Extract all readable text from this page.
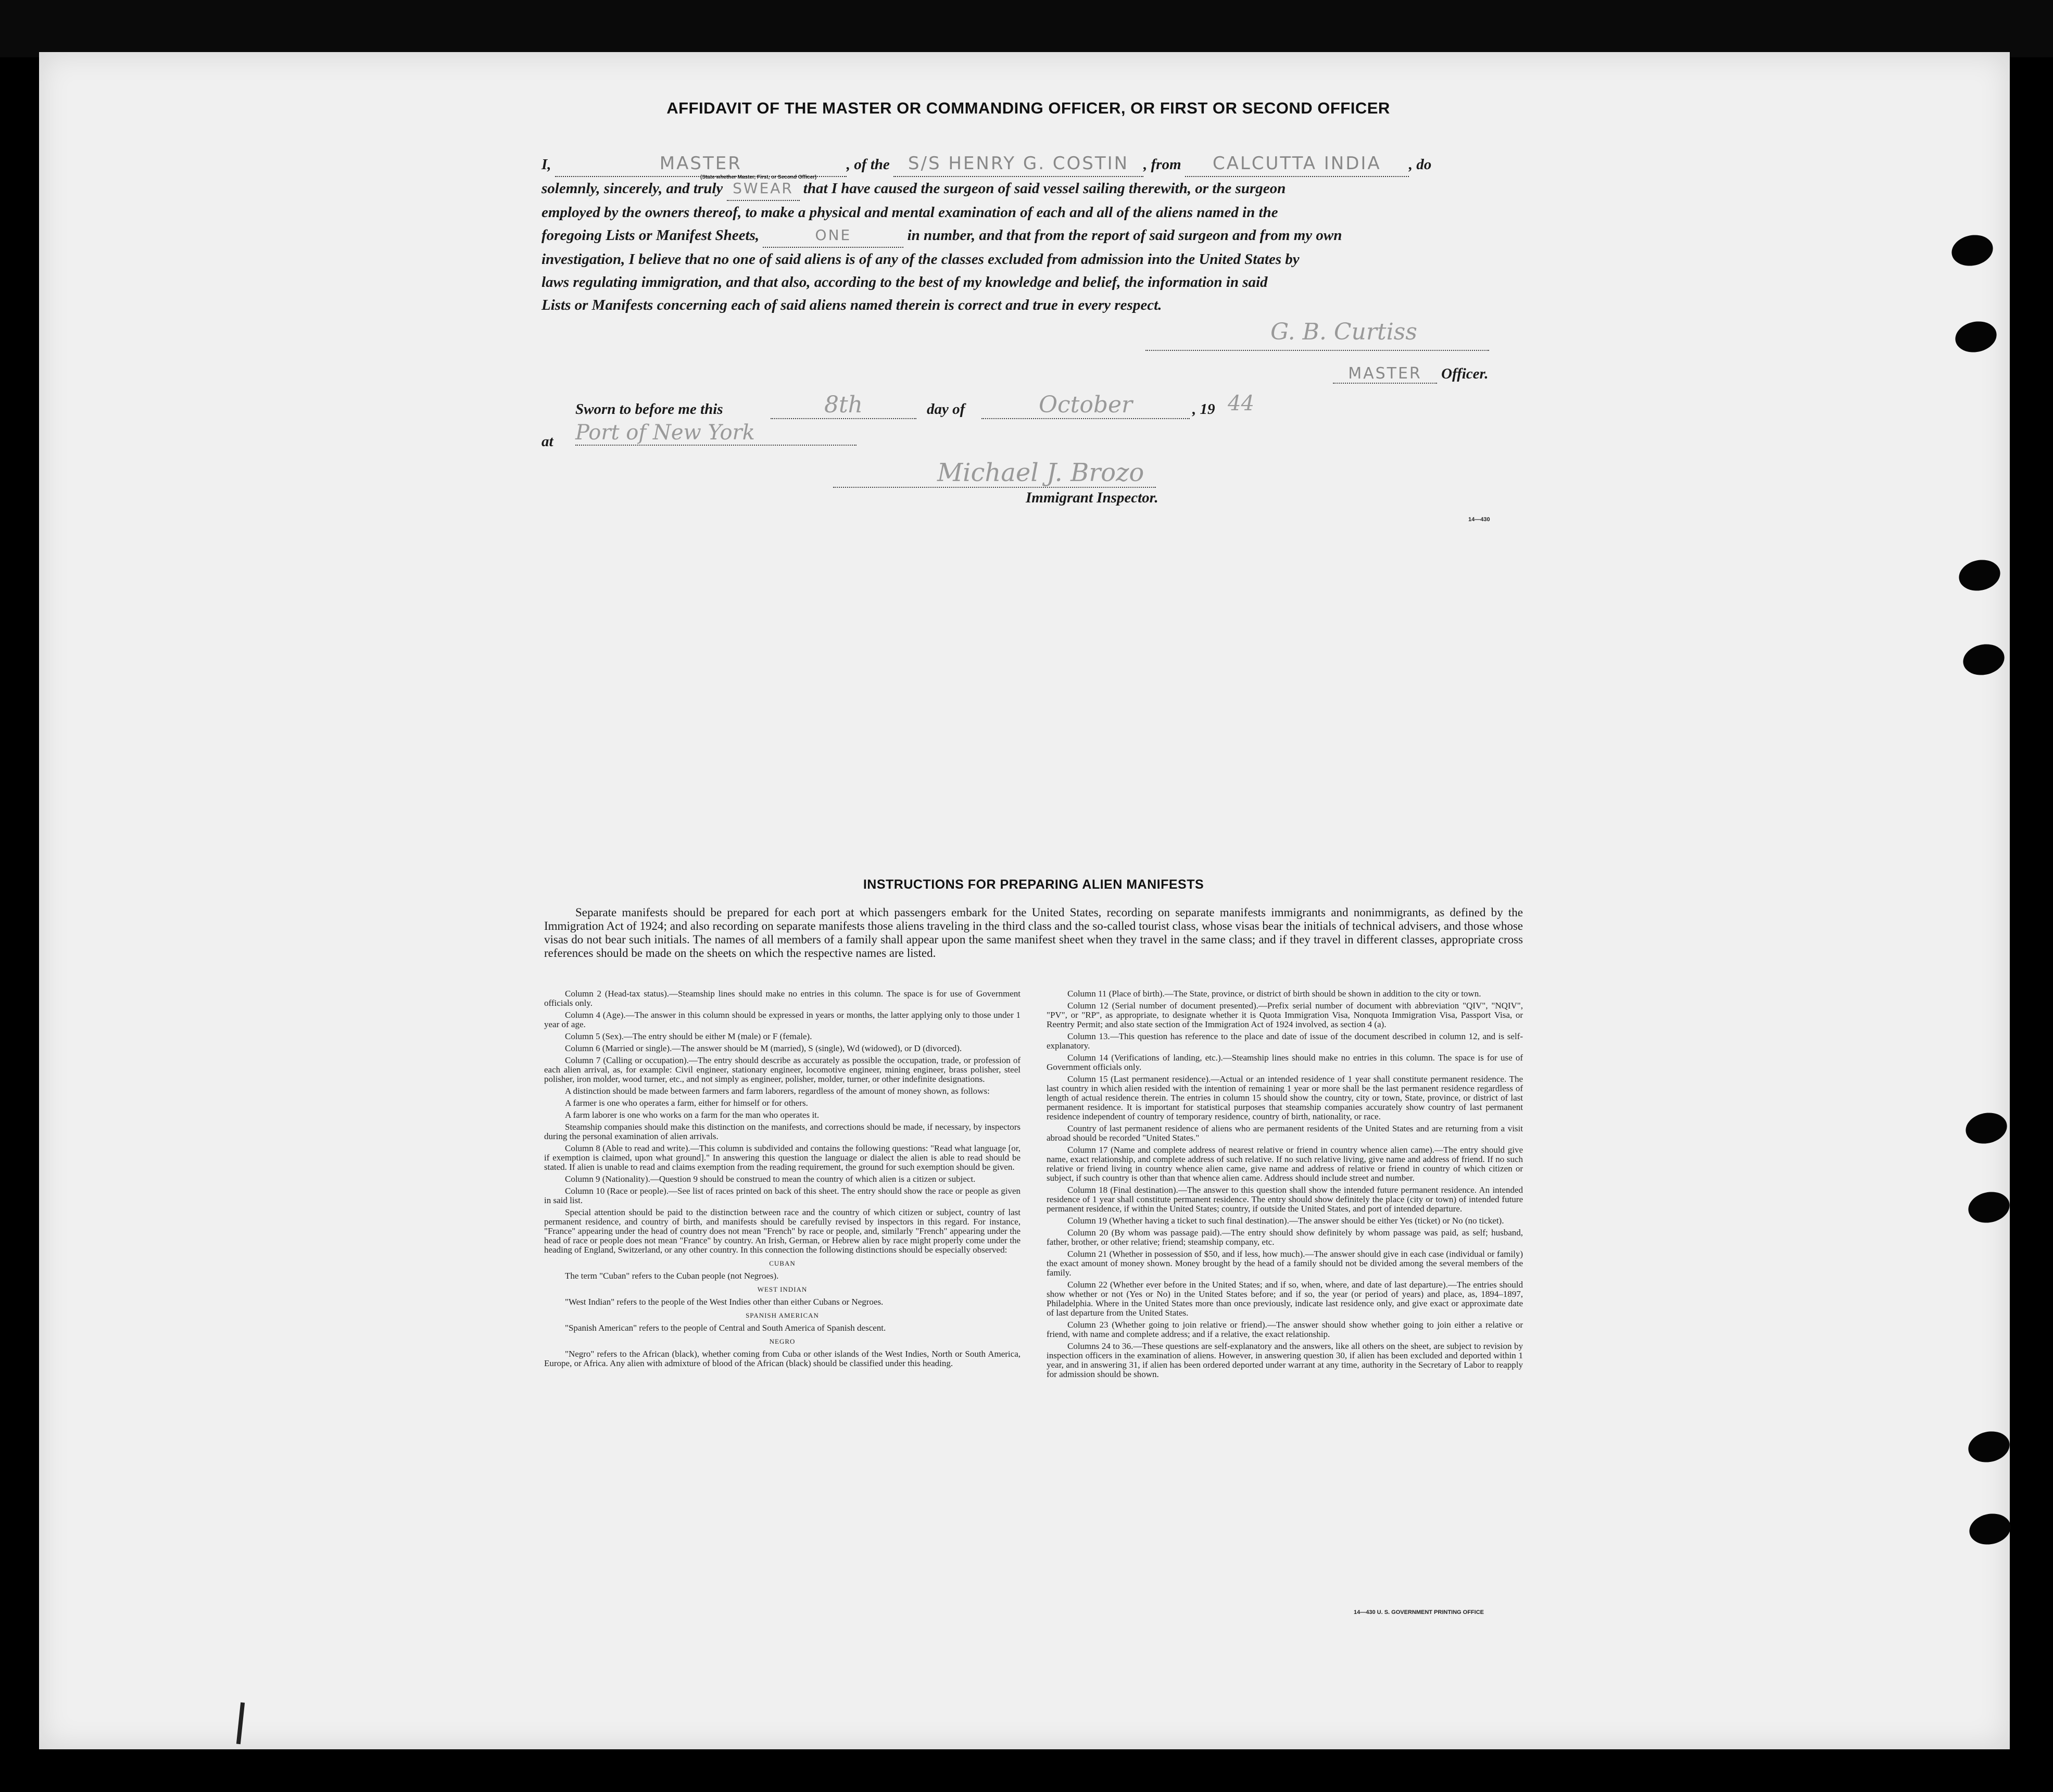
AFFIDAVIT OF THE MASTER OR COMMANDING OFFICER, OR FIRST OR SECOND OFFICER
I,	MASTER	, of the S/S HENRY G. COSTIN , from CALCUTTA INDIA , do
solemnly, sincerely, and truly SWEAR that I have caused the surgeon of said vessel sailing therewith, or the surgeon
employed by the owners thereof, to make a physical and mental examination of each and all of the aliens named in the
foregoing Lists or Manifest Sheets,	ONE	in number, and that from the report of said surgeon and from my own
investigation, I believe that no one of said aliens is of any of the classes excluded from admission into the United States by
laws regulating immigration, and that also, according to the best of my knowledge and belief, the information in said
Lists or Manifests concerning each of said aliens named therein is correct and true in every respect.
(State whether Master, First, or Second Officer)
G. B. Curtiss
MASTER	Officer.
Sworn to before me this	8th	day of	October	, 19 44
at Port of New York
Michael J. Brozo
Immigrant Inspector.
14—430
INSTRUCTIONS FOR PREPARING ALIEN MANIFESTS
Separate manifests should be prepared for each port at which passengers embark for the United States, recording on separate manifests immigrants and nonimmigrants, as defined by the Immigration Act of 1924; and also recording on separate manifests those aliens traveling in the third class and the so-called tourist class, whose visas bear the initials of technical advisers, and those whose visas do not bear such initials. The names of all members of a family shall appear upon the same manifest sheet when they travel in the same class; and if they travel in different classes, appropriate cross references should be made on the sheets on which the respective names are listed.

Column 2 (Head-tax status).—Steamship lines should make no entries in this column. The space is for use of Government officials only.

Column 4 (Age).—The answer in this column should be expressed in years or months, the latter applying only to those under 1 year of age.

Column 5 (Sex).—The entry should be either M (male) or F (female).

Column 6 (Married or single).—The answer should be M (married), S (single), Wd (widowed), or D (divorced).

Column 7 (Calling or occupation).—The entry should describe as accurately as possible the occupation, trade, or profession of each alien arrival, as, for example: Civil engineer, stationary engineer, locomotive engineer, mining engineer, brass polisher, steel polisher, iron molder, wood turner, etc., and not simply as engineer, polisher, molder, turner, or other indefinite designations.

A distinction should be made between farmers and farm laborers, regardless of the amount of money shown, as follows:

A farmer is one who operates a farm, either for himself or for others.

A farm laborer is one who works on a farm for the man who operates it.

Steamship companies should make this distinction on the manifests, and corrections should be made, if necessary, by inspectors during the personal examination of alien arrivals.

Column 8 (Able to read and write).—This column is subdivided and contains the following questions: "Read what language [or, if exemption is claimed, upon what ground]." In answering this question the language or dialect the alien is able to read should be stated. If alien is unable to read and claims exemption from the reading requirement, the ground for such exemption should be given.

Column 9 (Nationality).—Question 9 should be construed to mean the country of which alien is a citizen or subject.

Column 10 (Race or people).—See list of races printed on back of this sheet. The entry should show the race or people as given in said list.

Special attention should be paid to the distinction between race and the country of which citizen or subject, country of last permanent residence, and country of birth, and manifests should be carefully revised by inspectors in this regard. For instance, "France" appearing under the head of country does not mean "French" by race or people, and, similarly "French" appearing under the head of race or people does not mean "France" by country. An Irish, German, or Hebrew alien by race might properly come under the heading of England, Switzerland, or any other country. In this connection the following distinctions should be especially observed:

CUBAN

The term "Cuban" refers to the Cuban people (not Negroes).

WEST INDIAN

"West Indian" refers to the people of the West Indies other than either Cubans or Negroes.

SPANISH AMERICAN

"Spanish American" refers to the people of Central and South America of Spanish descent.

NEGRO

"Negro" refers to the African (black), whether coming from Cuba or other islands of the West Indies, North or South America, Europe, or Africa. Any alien with admixture of blood of the African (black) should be classified under this heading.

Column 11 (Place of birth).—The State, province, or district of birth should be shown in addition to the city or town.

Column 12 (Serial number of document presented).—Prefix serial number of document with abbreviation "QIV", "NQIV", "PV", or "RP", as appropriate, to designate whether it is Quota Immigration Visa, Nonquota Immigration Visa, Passport Visa, or Reentry Permit; and also state section of the Immigration Act of 1924 involved, as section 4 (a).

Column 13.—This question has reference to the place and date of issue of the document described in column 12, and is self-explanatory.

Column 14 (Verifications of landing, etc.).—Steamship lines should make no entries in this column. The space is for use of Government officials only.

Column 15 (Last permanent residence).—Actual or an intended residence of 1 year shall constitute permanent residence. The last country in which alien resided with the intention of remaining 1 year or more shall be the last permanent residence regardless of length of actual residence therein. The entries in column 15 should show the country, city or town, State, province, or district of last permanent residence. It is important for statistical purposes that steamship companies accurately show country of last permanent residence independent of country of temporary residence, country of birth, nationality, or race.

Country of last permanent residence of aliens who are permanent residents of the United States and are returning from a visit abroad should be recorded "United States."

Column 17 (Name and complete address of nearest relative or friend in country whence alien came).—The entry should give name, exact relationship, and complete address of such relative. If no such relative living, give name and address of friend. If no such relative or friend living in country whence alien came, give name and address of relative or friend in country of which citizen or subject, if such country is other than that whence alien came. Address should include street and number.

Column 18 (Final destination).—The answer to this question shall show the intended future permanent residence. An intended residence of 1 year shall constitute permanent residence. The entry should show definitely the place (city or town) of intended future permanent residence, if within the United States; country, if outside the United States, and port of intended departure.

Column 19 (Whether having a ticket to such final destination).—The answer should be either Yes (ticket) or No (no ticket).

Column 20 (By whom was passage paid).—The entry should show definitely by whom passage was paid, as self; husband, father, brother, or other relative; friend; steamship company, etc.

Column 21 (Whether in possession of $50, and if less, how much).—The answer should give in each case (individual or family) the exact amount of money shown. Money brought by the head of a family should not be divided among the several members of the family.

Column 22 (Whether ever before in the United States; and if so, when, where, and date of last departure).—The entries should show whether or not (Yes or No) in the United States before; and if so, the year (or period of years) and place, as, 1894–1897, Philadelphia. Where in the United States more than once previously, indicate last residence only, and give exact or approximate date of last departure from the United States.

Column 23 (Whether going to join relative or friend).—The answer should show whether going to join either a relative or friend, with name and complete address; and if a relative, the exact relationship.

Columns 24 to 36.—These questions are self-explanatory and the answers, like all others on the sheet, are subject to revision by inspection officers in the examination of aliens. However, in answering question 30, if alien has been excluded and deported within 1 year, and in answering 31, if alien has been ordered deported under warrant at any time, authority in the Secretary of Labor to reapply for admission should be shown.

14—430 U. S. GOVERNMENT PRINTING OFFICE
